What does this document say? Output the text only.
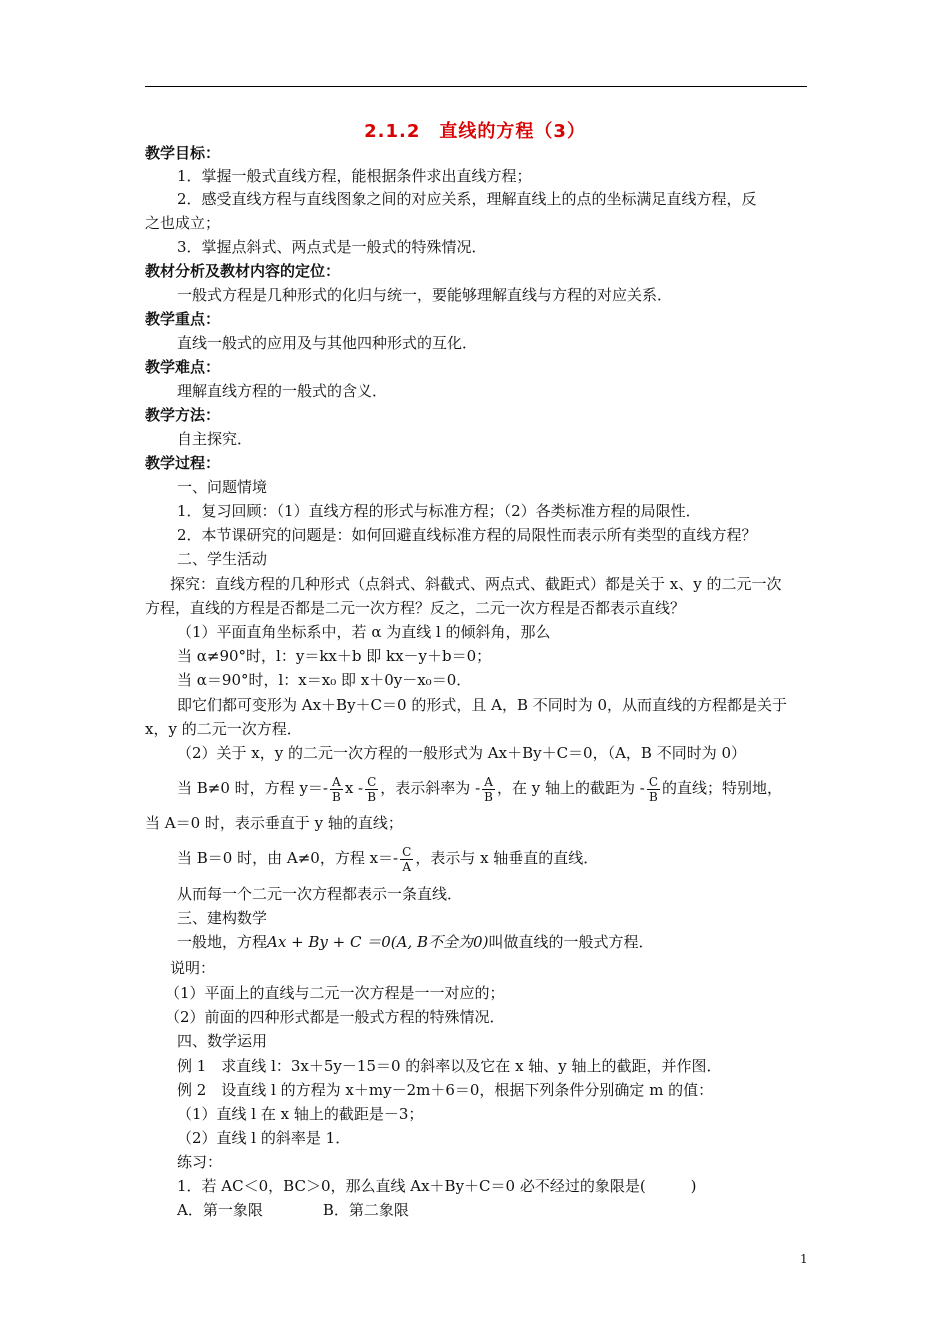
2.1.2　直线的方程（3）
教学目标：
1．掌握一般式直线方程，能根据条件求出直线方程；
2．感受直线方程与直线图象之间的对应关系，理解直线上的点的坐标满足直线方程，反
之也成立；
3．掌握点斜式、两点式是一般式的特殊情况．
教材分析及教材内容的定位：
一般式方程是几种形式的化归与统一，要能够理解直线与方程的对应关系．
教学重点：
直线一般式的应用及与其他四种形式的互化．
教学难点：
理解直线方程的一般式的含义．
教学方法：
自主探究．
教学过程：
一、问题情境
1．复习回顾：（1）直线方程的形式与标准方程；（2）各类标准方程的局限性．
2．本节课研究的问题是：如何回避直线标准方程的局限性而表示所有类型的直线方程？
二、学生活动
探究：直线方程的几种形式（点斜式、斜截式、两点式、截距式）都是关于 x、y 的二元一次
方程，直线的方程是否都是二元一次方程？反之，二元一次方程是否都表示直线？
（1）平面直角坐标系中，若 α 为直线 l 的倾斜角，那么
当 α≠90°时，l：y＝kx＋b 即 kx－y＋b＝0；
当 α＝90°时，l：x＝x₀ 即 x＋0y－x₀＝0．
即它们都可变形为 Ax＋By＋C＝0 的形式，且 A，B 不同时为 0，从而直线的方程都是关于
x，y 的二元一次方程．
（2）关于 x，y 的二元一次方程的一般形式为 Ax＋By＋C＝0，（A，B 不同时为 0）
当 B≠0 时，方程 $y=- \frac{A}{B}$ x - $\frac{C}{B}$ ，表示斜率为 - $\frac{A}{B}$ ，在 y 轴上的截距为 - $\frac{C}{B}$ 的直线；特别地，
当 A＝0 时，表示垂直于 y 轴的直线；
当 B＝0 时，由 A≠0，方程 $x=- \frac{C}{A}$ ，表示与 x 轴垂直的直线．
从而每一个二元一次方程都表示一条直线．
三、建构数学
一般地，方程Ax + By + C ＝0(A, B不全为0)叫做直线的一般式方程．
说明：
（1）平面上的直线与二元一次方程是一一对应的；
（2）前面的四种形式都是一般式方程的特殊情况．
四、数学运用
例 1　求直线 l：3x＋5y－15＝0 的斜率以及它在 x 轴、y 轴上的截距，并作图．
例 2　设直线 l 的方程为 x＋my－2m＋6＝0，根据下列条件分别确定 m 的值：
（1）直线 l 在 x 轴上的截距是－3；
（2）直线 l 的斜率是 1．
练习：
1．若 AC＜0，BC＞0，那么直线 Ax＋By＋C＝0 必不经过的象限是(　　　)
A．第一象限　　　　B．第二象限
1
